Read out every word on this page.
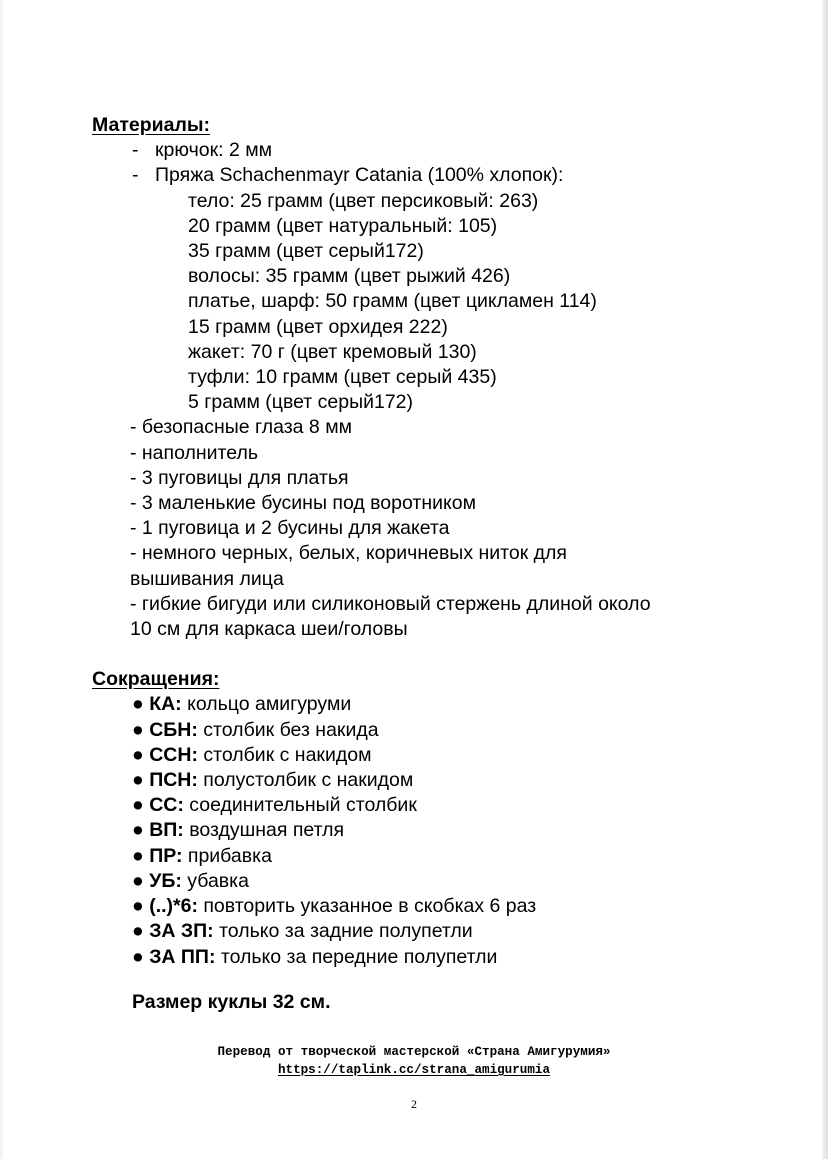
Материалы:
- крючок: 2 мм
- Пряжа Schachenmayr Catania (100% хлопок):
тело: 25 грамм (цвет персиковый: 263)
20 грамм (цвет натуральный: 105)
35 грамм (цвет серый172)
волосы: 35 грамм (цвет рыжий 426)
платье, шарф: 50 грамм (цвет цикламен 114)
15 грамм (цвет орхидея 222)
жакет: 70 г (цвет кремовый 130)
туфли: 10 грамм (цвет серый 435)
5 грамм (цвет серый172)
- безопасные глаза 8 мм
- наполнитель
- 3 пуговицы для платья
- 3 маленькие бусины под воротником
- 1 пуговица и 2 бусины для жакета
- немного черных, белых, коричневых ниток для
вышивания лица
- гибкие бигуди или силиконовый стержень длиной около
10 см для каркаса шеи/головы
Сокращения:
● КА: кольцо амигуруми
● СБН: столбик без накида
● ССН: столбик с накидом
● ПСН: полустолбик с накидом
● СС: соединительный столбик
● ВП: воздушная петля
● ПР: прибавка
● УБ: убавка
● (..)*6: повторить указанное в скобках 6 раз
● ЗА ЗП: только за задние полупетли
● ЗА ПП: только за передние полупетли
Размер куклы 32 см.
Перевод от творческой мастерской «Страна Амигурумия»
https://taplink.cc/strana_amigurumia
2
